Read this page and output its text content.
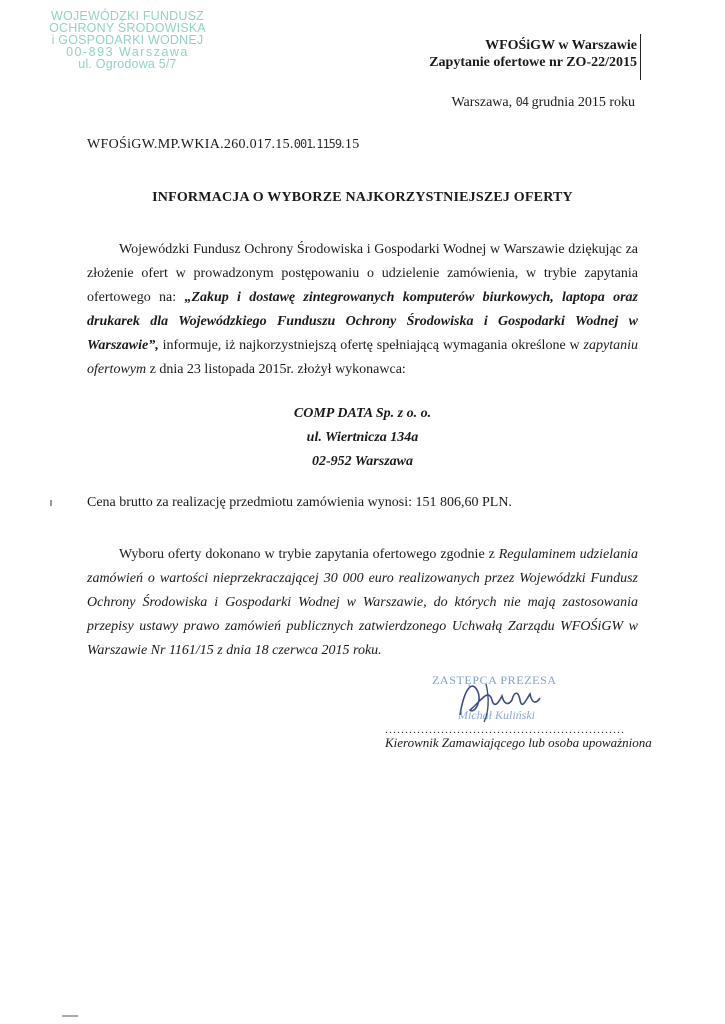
WOJEWÓDZKI FUNDUSZ
OCHRONY ŚRODOWISKA
i GOSPODARKI WODNEJ
00-893 Warszawa
ul. Ogrodowa 5/7
WFOŚiGW w Warszawie
Zapytanie ofertowe nr ZO-22/2015
Warszawa, 04 grudnia 2015 roku
WFOŚiGW.MP.WKIA.260.017.15.001.1159.15
INFORMACJA O WYBORZE NAJKORZYSTNIEJSZEJ OFERTY
Wojewódzki Fundusz Ochrony Środowiska i Gospodarki Wodnej w Warszawie dziękując za złożenie ofert w prowadzonym postępowaniu o udzielenie zamówienia, w trybie zapytania ofertowego na: „Zakup i dostawę zintegrowanych komputerów biurkowych, laptopa oraz drukarek dla Wojewódzkiego Funduszu Ochrony Środowiska i Gospodarki Wodnej w Warszawie”, informuje, iż najkorzystniejszą ofertę spełniającą wymagania określone w zapytaniu ofertowym z dnia 23 listopada 2015r. złożył wykonawca:
COMP DATA Sp. z o. o.
ul. Wiertnicza 134a
02-952 Warszawa
Cena brutto za realizację przedmiotu zamówienia wynosi: 151 806,60 PLN.
Wyboru oferty dokonano w trybie zapytania ofertowego zgodnie z Regulaminem udzielania zamówień o wartości nieprzekraczającej 30 000 euro realizowanych przez Wojewódzki Fundusz Ochrony Środowiska i Gospodarki Wodnej w Warszawie, do których nie mają zastosowania przepisy ustawy prawo zamówień publicznych zatwierdzonego Uchwałą Zarządu WFOŚiGW w Warszawie Nr 1161/15 z dnia 18 czerwca 2015 roku.
ZASTĘPCA PREZESA
Michał Kuliński
............................................................
Kierownik Zamawiającego lub osoba upoważniona
